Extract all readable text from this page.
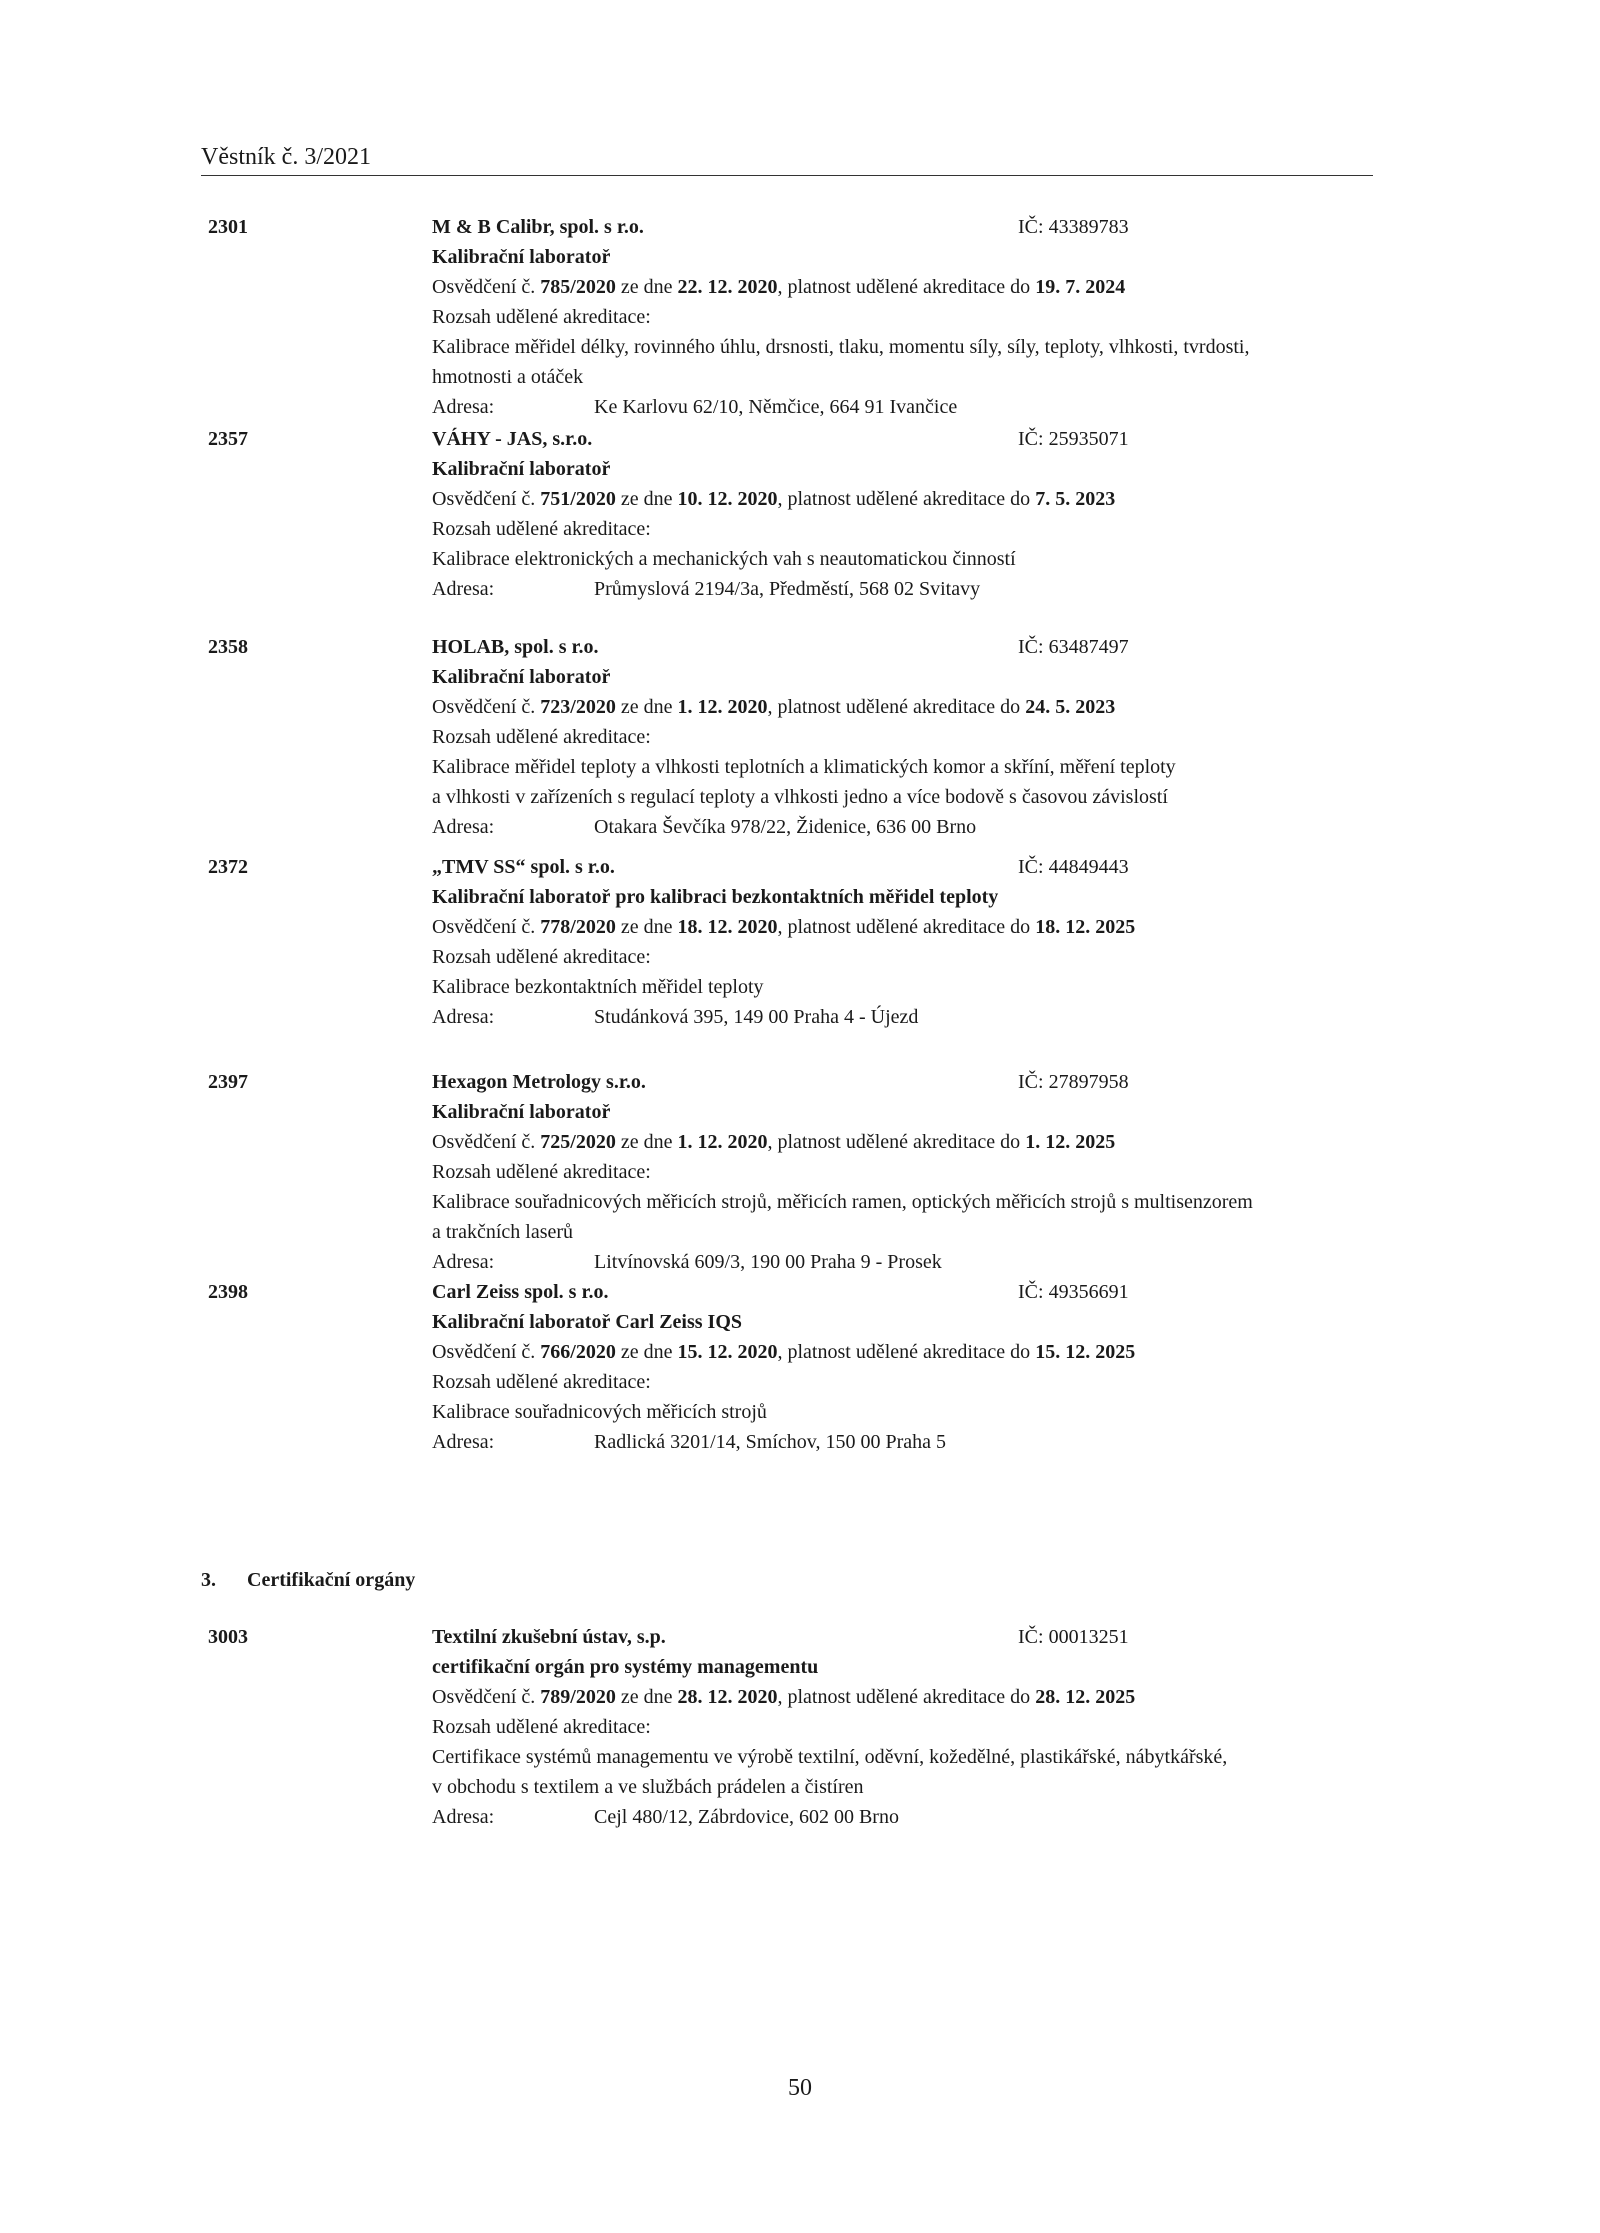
Věstník č. 3/2021
2301	M & B Calibr, spol. s r.o.	IČ: 43389783
Kalibrační laboratoř
Osvědčení č. 785/2020 ze dne 22. 12. 2020, platnost udělené akreditace do 19. 7. 2024
Rozsah udělené akreditace:
Kalibrace měřidel délky, rovinného úhlu, drsnosti, tlaku, momentu síly, síly, teploty, vlhkosti, tvrdosti,
hmotnosti a otáček
Adresa:	Ke Karlovu 62/10, Němčice, 664 91 Ivančice
2357	VÁHY - JAS, s.r.o.	IČ: 25935071
Kalibrační laboratoř
Osvědčení č. 751/2020 ze dne 10. 12. 2020, platnost udělené akreditace do 7. 5. 2023
Rozsah udělené akreditace:
Kalibrace elektronických a mechanických vah s neautomatickou činností
Adresa:	Průmyslová 2194/3a, Předměstí, 568 02 Svitavy
2358	HOLAB, spol. s r.o.	IČ: 63487497
Kalibrační laboratoř
Osvědčení č. 723/2020 ze dne 1. 12. 2020, platnost udělené akreditace do 24. 5. 2023
Rozsah udělené akreditace:
Kalibrace měřidel teploty a vlhkosti teplotních a klimatických komor a skříní, měření teploty
a vlhkosti v zařízeních s regulací teploty a vlhkosti jedno a více bodově s časovou závislostí
Adresa:	Otakara Ševčíka 978/22, Židenice, 636 00 Brno
2372	„TMV SS“ spol. s r.o.	IČ: 44849443
Kalibrační laboratoř pro kalibraci bezkontaktních měřidel teploty
Osvědčení č. 778/2020 ze dne 18. 12. 2020, platnost udělené akreditace do 18. 12. 2025
Rozsah udělené akreditace:
Kalibrace bezkontaktních měřidel teploty
Adresa:	Studánková 395, 149 00 Praha 4 - Újezd
2397	Hexagon Metrology s.r.o.	IČ: 27897958
Kalibrační laboratoř
Osvědčení č. 725/2020 ze dne 1. 12. 2020, platnost udělené akreditace do 1. 12. 2025
Rozsah udělené akreditace:
Kalibrace souřadnicových měřicích strojů, měřicích ramen, optických měřicích strojů s multisenzorem
a trakčních laserů
Adresa:	Litvínovská 609/3, 190 00 Praha 9 - Prosek
2398	Carl Zeiss spol. s r.o.	IČ: 49356691
Kalibrační laboratoř Carl Zeiss IQS
Osvědčení č. 766/2020 ze dne 15. 12. 2020, platnost udělené akreditace do 15. 12. 2025
Rozsah udělené akreditace:
Kalibrace souřadnicových měřicích strojů
Adresa:	Radlická 3201/14, Smíchov, 150 00 Praha 5
3003	Textilní zkušební ústav, s.p.	IČ: 00013251
certifikační orgán pro systémy managementu
Osvědčení č. 789/2020 ze dne 28. 12. 2020, platnost udělené akreditace do 28. 12. 2025
Rozsah udělené akreditace:
Certifikace systémů managementu ve výrobě textilní, oděvní, kožedělné, plastikářské, nábytkářské,
v obchodu s textilem a ve službách prádelen a čistíren
Adresa:	Cejl 480/12, Zábrdovice, 602 00 Brno
3. Certifikační orgány
50
